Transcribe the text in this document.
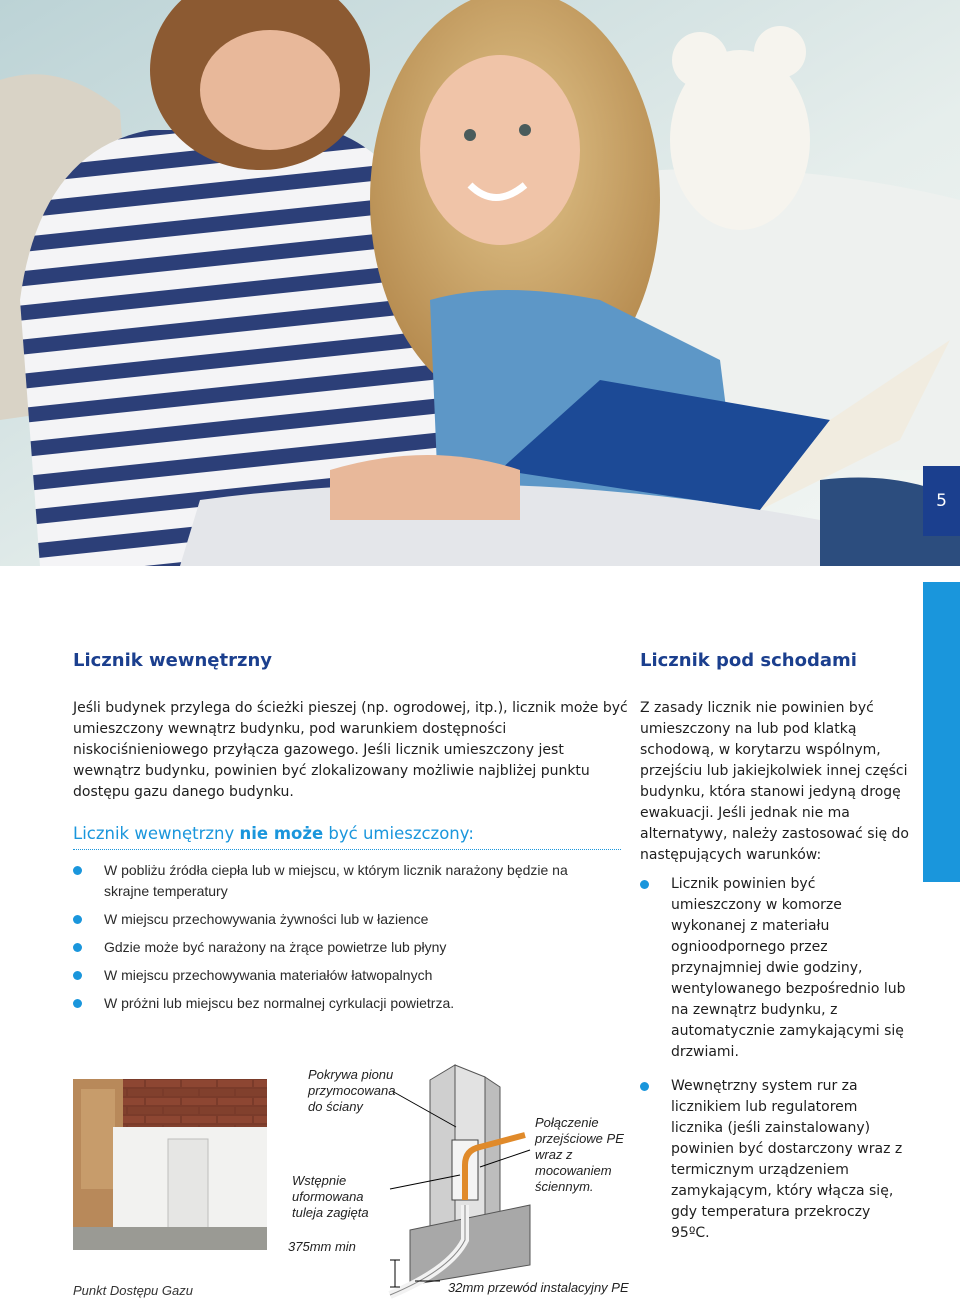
5
Licznik wewnętrzny

Jeśli budynek przylega do ścieżki pieszej (np. ogrodowej, itp.), licznik może być umieszczony wewnątrz budynku, pod warunkiem dostępności niskociśnieniowego przyłącza gazowego. Jeśli licznik umieszczony jest wewnątrz budynku, powinien być zlokalizowany możliwie najbliżej punktu dostępu gazu danego budynku.

Licznik wewnętrzny nie może być umieszczony:

W pobliżu źródła ciepła lub w miejscu, w którym licznik narażony będzie na skrajne temperatury
W miejscu przechowywania żywności lub w łazience
Gdzie może być narażony na żrące powietrze lub płyny
W miejscu przechowywania materiałów łatwopalnych
W próżni lub miejscu bez normalnej cyrkulacji powietrza.
Licznik pod schodami

Z zasady licznik nie powinien być umieszczony na lub pod klatką schodową, w korytarzu wspólnym, przejściu lub jakiejkolwiek innej części budynku, która stanowi jedyną drogę ewakuacji. Jeśli jednak nie ma alternatywy, należy zastosować się do następujących warunków:

Licznik powinien być umieszczony w komorze wykonanej z materiału ognioodpornego przez przynajmniej dwie godziny, wentylowanego bezpośrednio lub na zewnątrz budynku, z automatycznie zamykającymi się drzwiami.
Wewnętrzny system rur za licznikiem lub regulatorem licznika (jeśli zainstalowany) powinien być dostarczony wraz z termicznym urządzeniem zamykającym, który włącza się, gdy temperatura przekroczy 95ºC.
Punkt Dostępu Gazu
Pokrywa pionu przymocowana do ściany
Wstępnie uformowana tuleja zagięta
Połączenie przejściowe PE wraz z mocowaniem ściennym.
375mm min
32mm przewód instalacyjny PE
